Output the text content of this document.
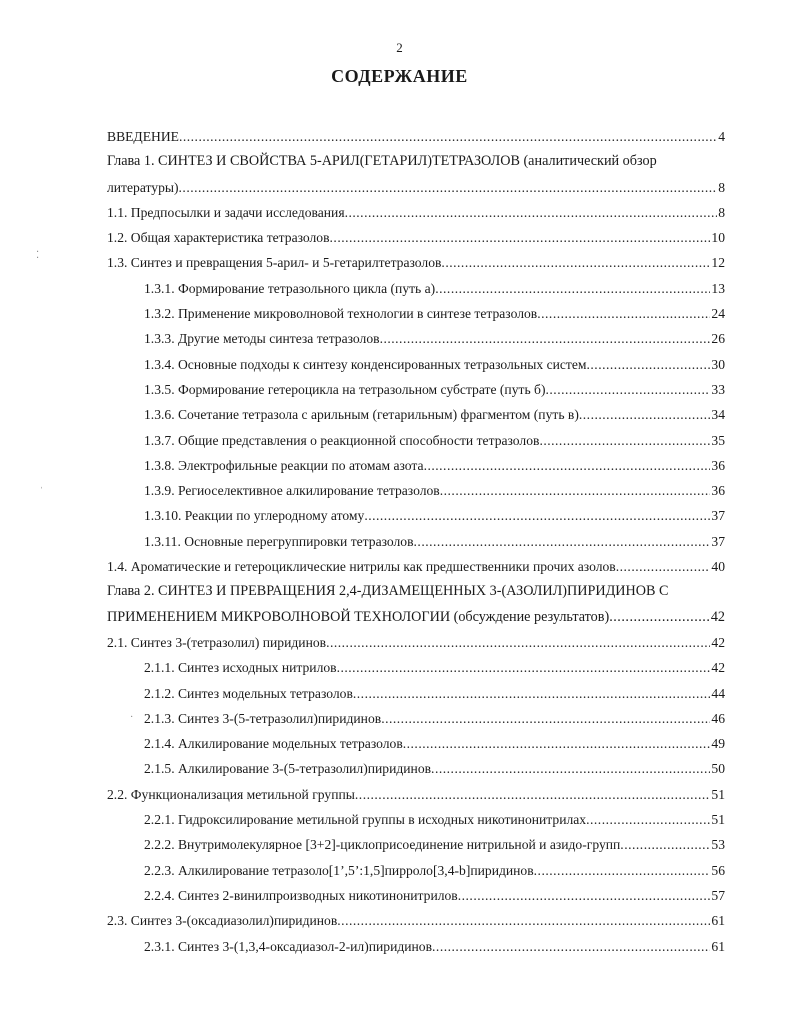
2
СОДЕРЖАНИЕ
⁚
ˌ
·
ВВЕДЕНИЕ .....	4
Глава 1. СИНТЕЗ И СВОЙСТВА 5-АРИЛ(ГЕТАРИЛ)ТЕТРАЗОЛОВ (аналитический обзор
литературы) .....	8
1.1. Предпосылки и задачи исследования .....	8
1.2. Общая характеристика тетразолов .....	10
1.3. Синтез и превращения 5-арил- и 5-гетарилтетразолов .....	12
1.3.1. Формирование тетразольного цикла (путь а) .....	13
1.3.2. Применение микроволновой технологии в синтезе тетразолов .....	24
1.3.3. Другие методы синтеза тетразолов .....	26
1.3.4. Основные подходы к синтезу конденсированных тетразольных систем .....	30
1.3.5. Формирование гетероцикла на тетразольном субстрате (путь б) .....	33
1.3.6. Сочетание тетразола с арильным (гетарильным) фрагментом (путь в) .....	34
1.3.7. Общие представления о реакционной способности тетразолов .....	35
1.3.8. Электрофильные реакции по атомам азота .....	36
1.3.9. Региоселективное алкилирование тетразолов .....	36
1.3.10. Реакции по углеродному атому .....	37
1.3.11. Основные перегруппировки тетразолов .....	37
1.4. Ароматические и гетероциклические нитрилы как предшественники прочих азолов .....	40
Глава 2. СИНТЕЗ И ПРЕВРАЩЕНИЯ 2,4-ДИЗАМЕЩЕННЫХ 3-(АЗОЛИЛ)ПИРИДИНОВ С
ПРИМЕНЕНИЕМ МИКРОВОЛНОВОЙ ТЕХНОЛОГИИ (обсуждение результатов) .....	42
2.1. Синтез 3-(тетразолил) пиридинов .....	42
2.1.1. Синтез исходных нитрилов .....	42
2.1.2. Синтез модельных тетразолов .....	44
2.1.3. Синтез 3-(5-тетразолил)пиридинов .....	46
2.1.4. Алкилирование модельных тетразолов .....	49
2.1.5. Алкилирование 3-(5-тетразолил)пиридинов .....	50
2.2. Функционализация метильной группы .....	51
2.2.1. Гидроксилирование метильной группы в исходных никотинонитрилах .....	51
2.2.2. Внутримолекулярное [3+2]-циклоприсоединение нитрильной и азидо-групп .....	53
2.2.3. Алкилирование тетразоло[1’,5’:1,5]пирроло[3,4-b]пиридинов .....	56
2.2.4. Синтез 2-винилпроизводных никотинонитрилов .....	57
2.3. Синтез 3-(оксадиазолил)пиридинов .....	61
2.3.1. Синтез 3-(1,3,4-оксадиазол-2-ил)пиридинов .....	61
